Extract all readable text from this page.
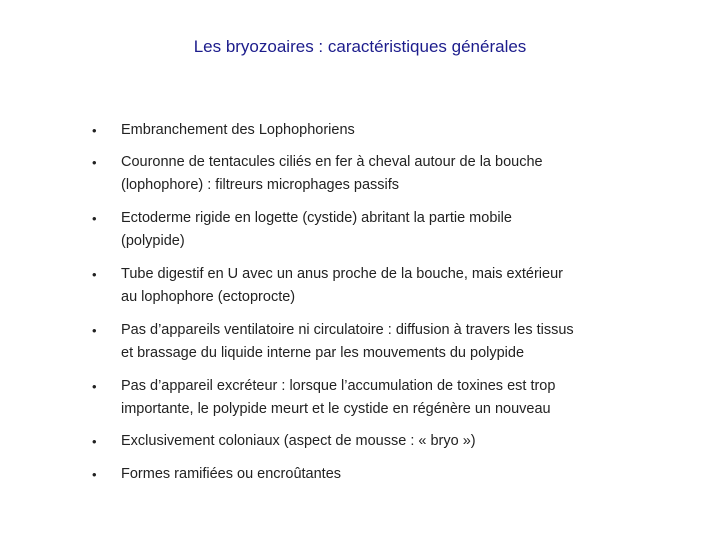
Les bryozoaires : caractéristiques générales
• Embranchement des Lophophoriens
• Couronne de tentacules ciliés en fer à cheval autour de la bouche
(lophophore) : filtreurs microphages passifs
• Ectoderme rigide en logette (cystide) abritant la partie mobile
(polypide)
• Tube digestif en U avec un anus proche de la bouche, mais extérieur
au lophophore (ectoprocte)
• Pas d’appareils ventilatoire ni circulatoire : diffusion à travers les tissus
et brassage du liquide interne par les mouvements du polypide
• Pas d’appareil excréteur : lorsque l’accumulation de toxines est trop
importante, le polypide meurt et le cystide en régénère un nouveau
• Exclusivement coloniaux (aspect de mousse : « bryo »)
• Formes ramifiées ou encroûtantes
